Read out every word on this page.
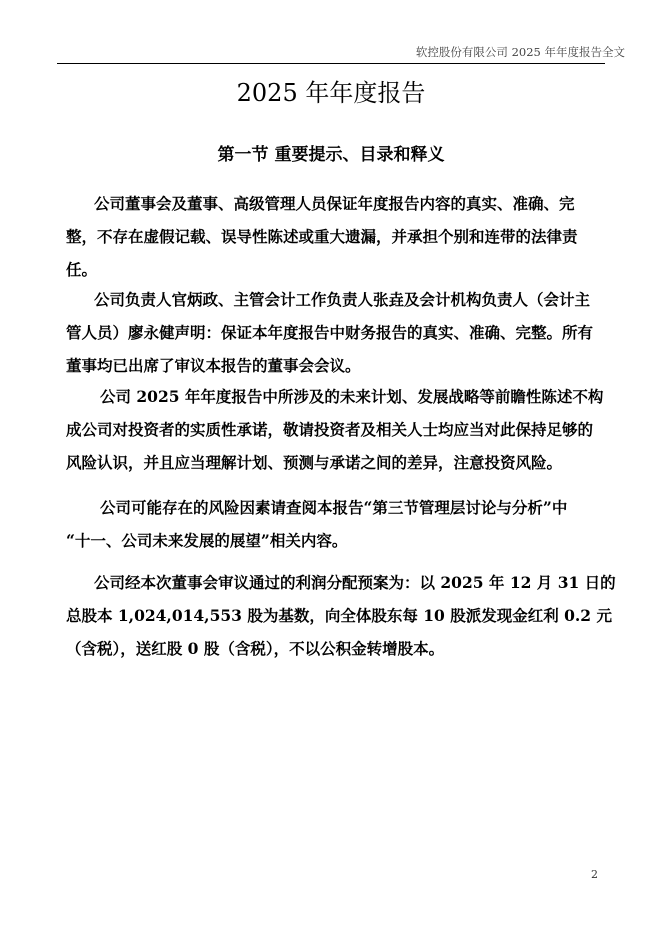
软控股份有限公司 2025 年年度报告全文
2025 年年度报告
第一节 重要提示、目录和释义
公司董事会及董事、高级管理人员保证年度报告内容的真实、准确、完
整，不存在虚假记载、误导性陈述或重大遗漏，并承担个别和连带的法律责
任。
公司负责人官炳政、主管会计工作负责人张垚及会计机构负责人（会计主
管人员）廖永健声明：保证本年度报告中财务报告的真实、准确、完整。所有
董事均已出席了审议本报告的董事会会议。
公司 2025 年年度报告中所涉及的未来计划、发展战略等前瞻性陈述不构
成公司对投资者的实质性承诺，敬请投资者及相关人士均应当对此保持足够的
风险认识，并且应当理解计划、预测与承诺之间的差异，注意投资风险。
公司可能存在的风险因素请查阅本报告“第三节管理层讨论与分析”中
“十一、公司未来发展的展望”相关内容。
公司经本次董事会审议通过的利润分配预案为：以 2025 年 12 月 31 日的
总股本 1,024,014,553 股为基数，向全体股东每 10 股派发现金红利 0.2 元
（含税），送红股 0 股（含税），不以公积金转增股本。
2
